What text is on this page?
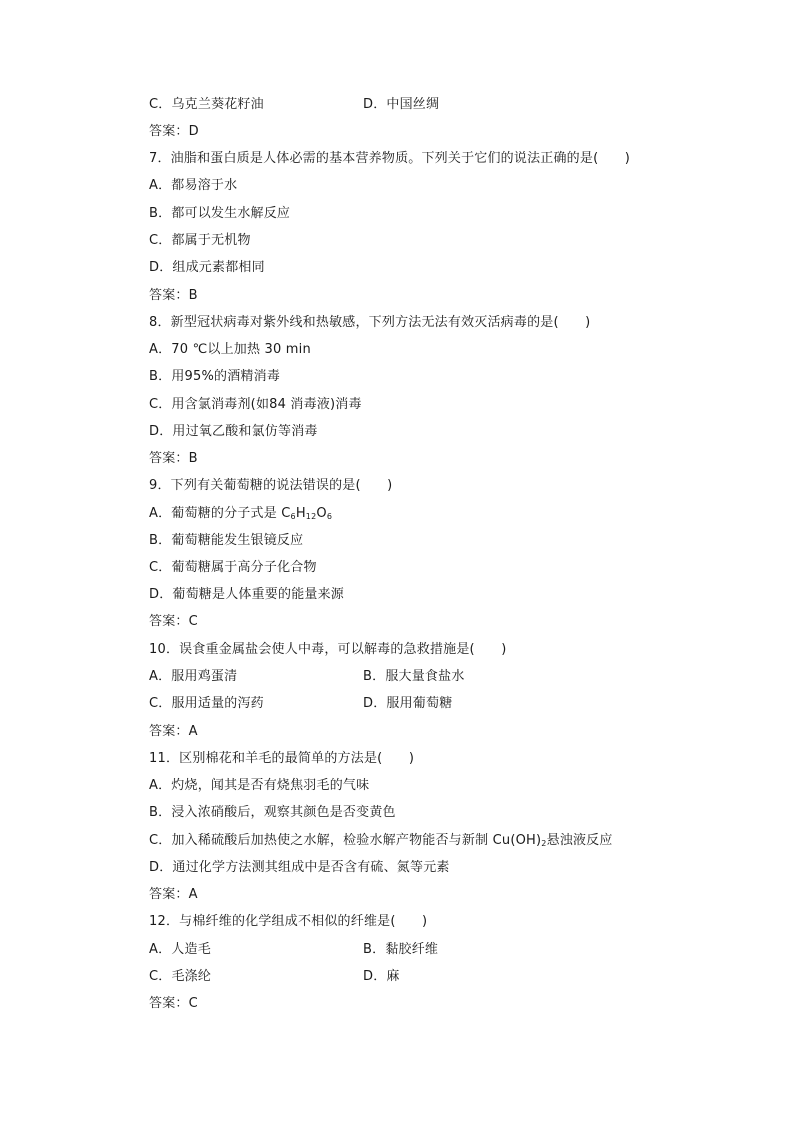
C．乌克兰葵花籽油	D．中国丝绸
答案：D
7．油脂和蛋白质是人体必需的基本营养物质。下列关于它们的说法正确的是(　　)
A．都易溶于水
B．都可以发生水解反应
C．都属于无机物
D．组成元素都相同
答案：B
8．新型冠状病毒对紫外线和热敏感，下列方法无法有效灭活病毒的是(　　)
A．70 ℃以上加热 30 min
B．用95%的酒精消毒
C．用含氯消毒剂(如84 消毒液)消毒
D．用过氧乙酸和氯仿等消毒
答案：B
9．下列有关葡萄糖的说法错误的是(　　)
A．葡萄糖的分子式是 $C_6H_{12}O_6$
B．葡萄糖能发生银镜反应
C．葡萄糖属于高分子化合物
D．葡萄糖是人体重要的能量来源
答案：C
10．误食重金属盐会使人中毒，可以解毒的急救措施是(　　)
A．服用鸡蛋清	B．服大量食盐水
C．服用适量的泻药	D．服用葡萄糖
答案：A
11．区别棉花和羊毛的最简单的方法是(　　)
A．灼烧，闻其是否有烧焦羽毛的气味
B．浸入浓硝酸后，观察其颜色是否变黄色
C．加入稀硫酸后加热使之水解，检验水解产物能否与新制 $Cu(OH)_2$悬浊液反应
D．通过化学方法测其组成中是否含有硫、氮等元素
答案：A
12．与棉纤维的化学组成不相似的纤维是(　　)
A．人造毛	B．黏胶纤维
C．毛涤纶	D．麻
答案：C
